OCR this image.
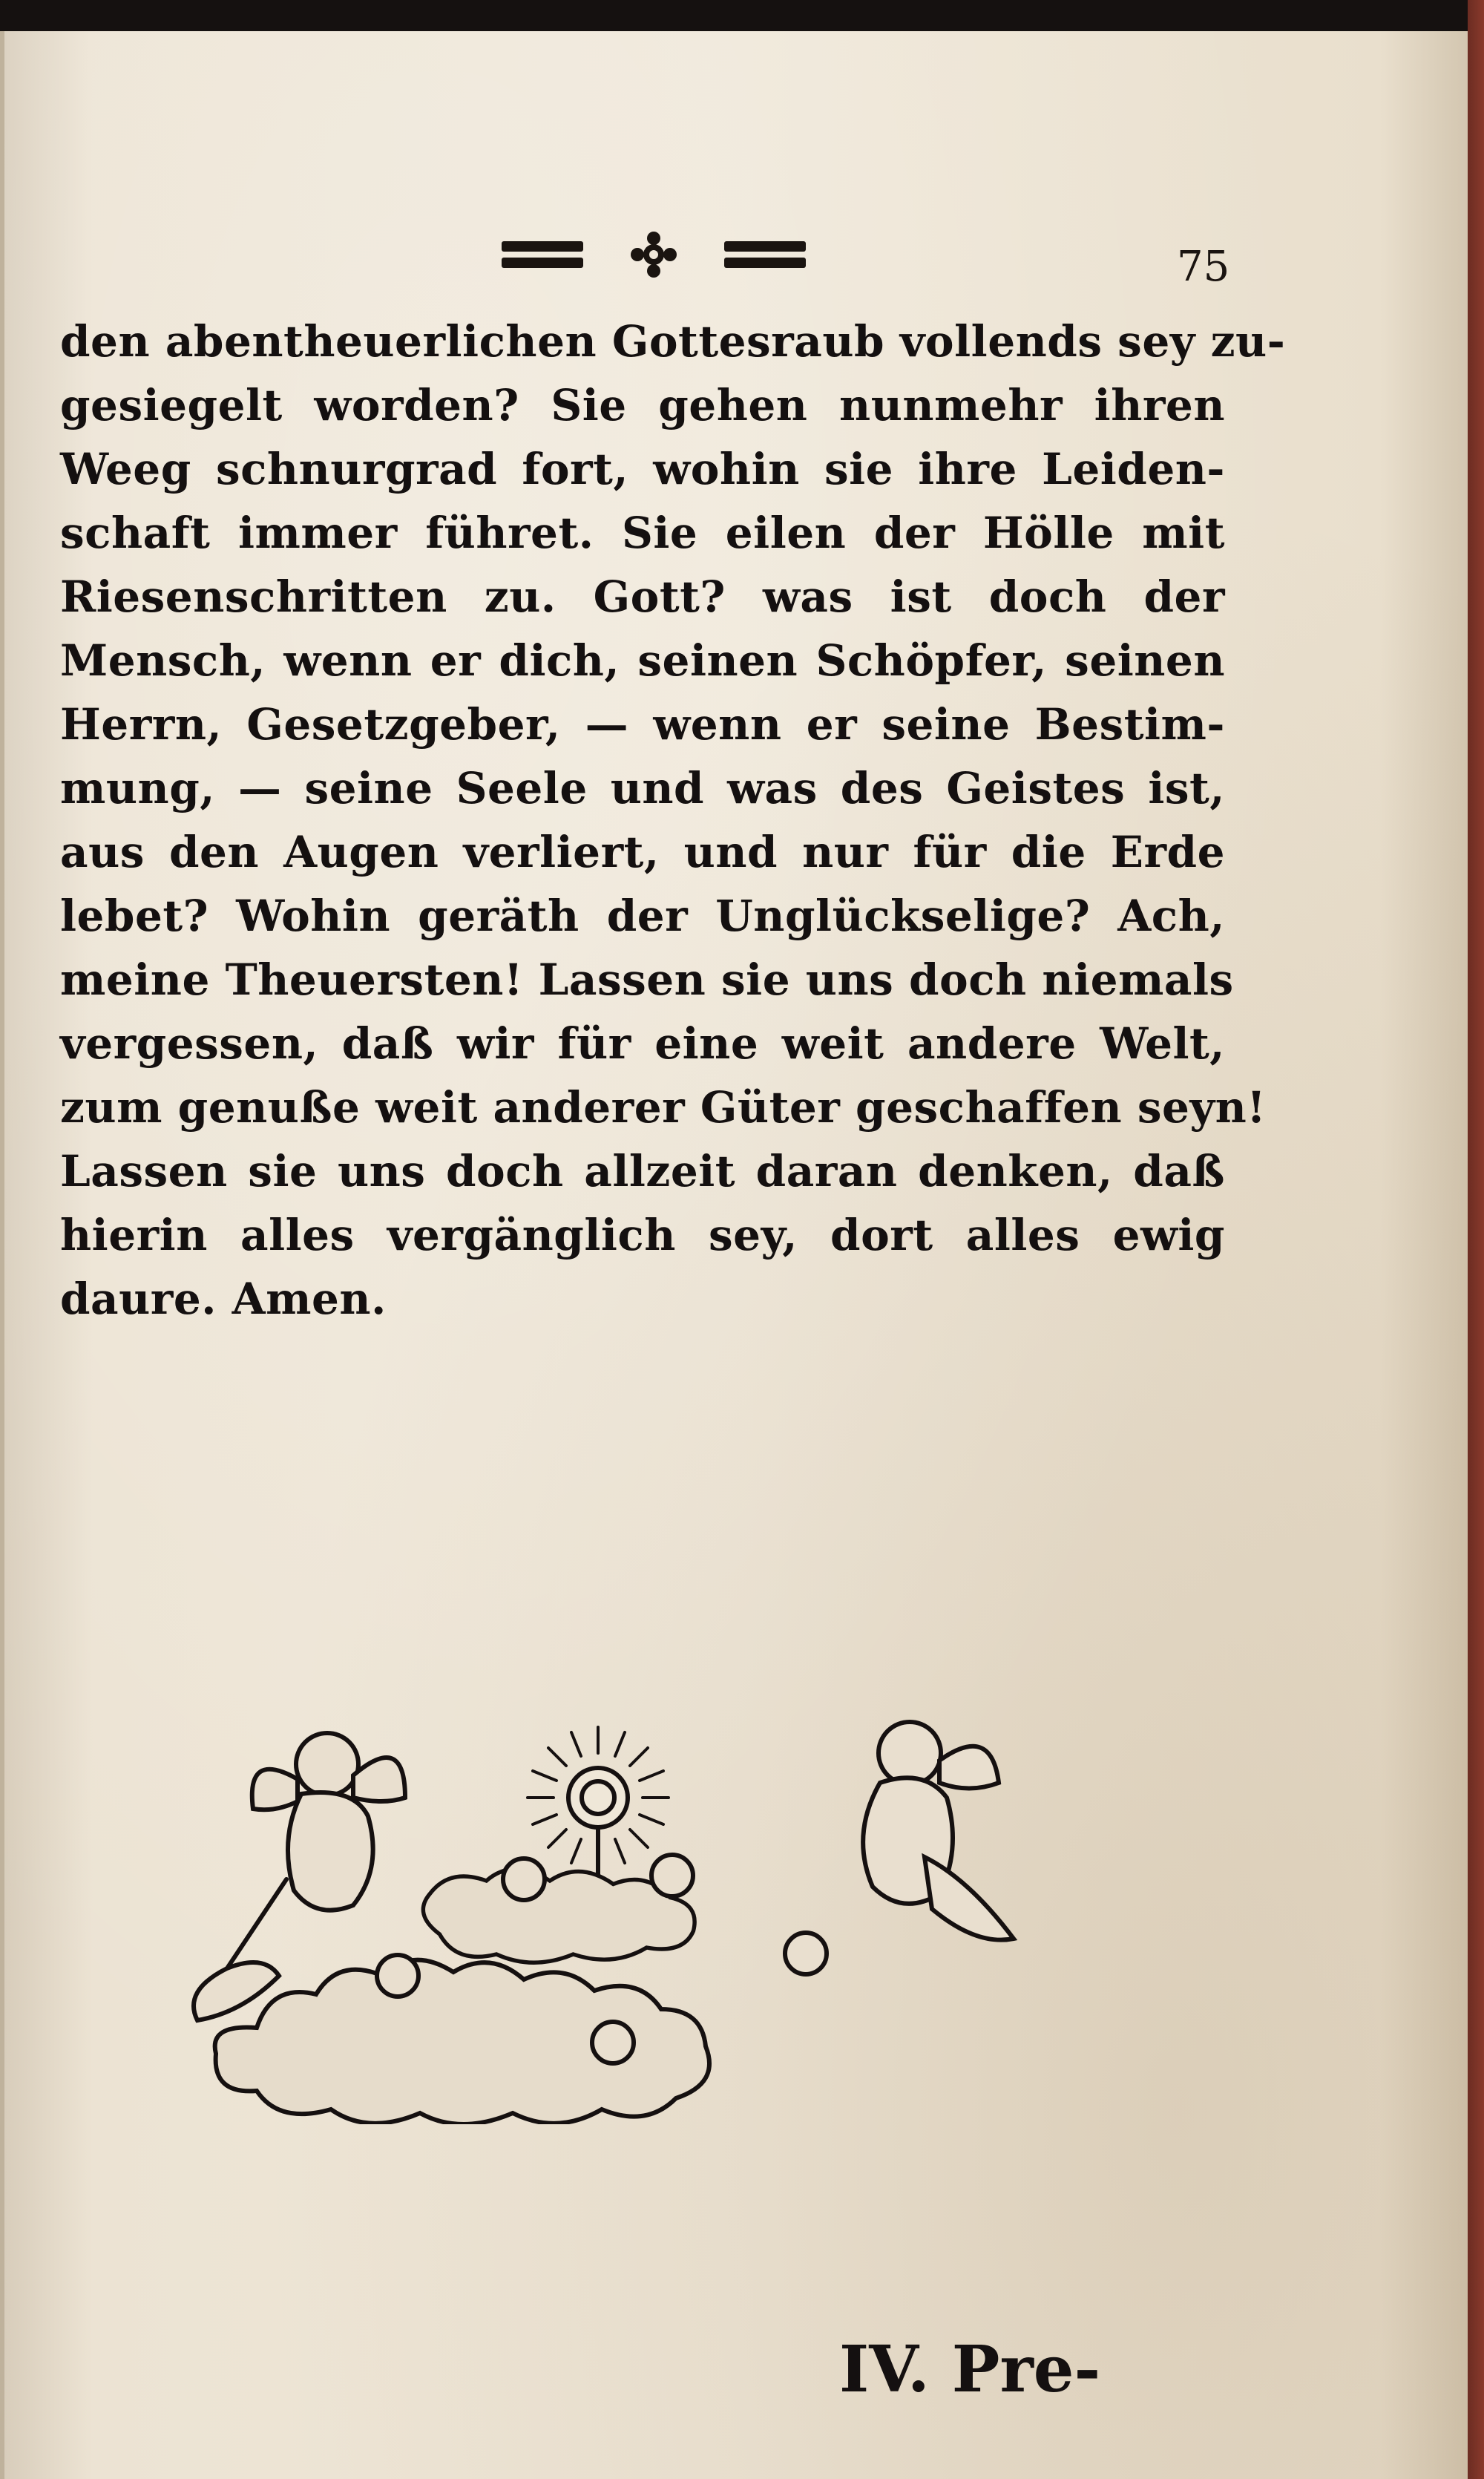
75
den abentheuerlichen Gottesraub vollends sey zu-
gesiegelt worden? Sie gehen nunmehr ihren
Weeg schnurgrad fort, wohin sie ihre Leiden-
schaft immer führet. Sie eilen der Hölle mit
Riesenschritten zu. Gott? was ist doch der
Mensch, wenn er dich, seinen Schöpfer, seinen
Herrn, Gesetzgeber, — wenn er seine Bestim-
mung, — seine Seele und was des Geistes ist,
aus den Augen verliert, und nur für die Erde
lebet? Wohin geräth der Unglückselige? Ach,
meine Theuersten! Lassen sie uns doch niemals
vergessen, daß wir für eine weit andere Welt,
zum genuße weit anderer Güter geschaffen seyn!
Lassen sie uns doch allzeit daran denken, daß
hierin alles vergänglich sey, dort alles ewig
daure. Amen.
IV. Pre-
